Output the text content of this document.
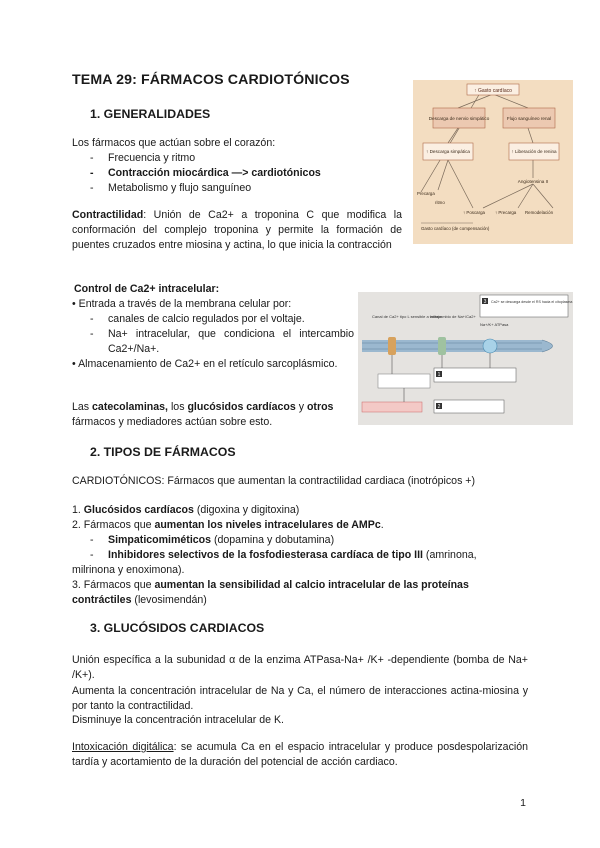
TEMA 29: FÁRMACOS CARDIOTÓNICOS
1. GENERALIDADES
Los fármacos que actúan sobre el corazón:
- Frecuencia y ritmo
- Contracción miocárdica —> cardiotónicos
- Metabolismo y flujo sanguíneo
Contractilidad: Unión de Ca2+ a troponina C que modifica la conformación del complejo troponina y permite la formación de puentes cruzados entre miosina y actina, lo que inicia la contracción
Control de Ca2+ intracelular:
• Entrada a través de la membrana celular por:
- canales de calcio regulados por el voltaje.
- Na+ intracelular, que condiciona el intercambio Ca2+/Na+.
• Almacenamiento de Ca2+ en el retículo sarcoplásmico.
Las catecolaminas, los glucósidos cardíacos y otros fármacos y mediadores actúan sobre esto.
↑ Gasto cardíaco
Descarga de nervio simpático	Flujo sanguíneo renal
↑ Descarga simpática	↑ Liberación de renina
Angiotensina II
Precarga
ritmo
↑ Poscarga ↑ Precarga Remodelación
Gasto cardíaco (de compensación)
3 Ca2+ se descarga desde el RS hacia el citoplasma
Canal de Ca2+ tipo L sensible a voltaje
Intercambio de Na+/Ca2+
Na+/K+ ATPasa
1
2
2. TIPOS DE FÁRMACOS
CARDIOTÓNICOS: Fármacos que aumentan la contractilidad cardiaca (inotrópicos +)
1. Glucósidos cardíacos (digoxina y digitoxina)
2. Fármacos que aumentan los niveles intracelulares de AMPc.
- Simpaticomiméticos (dopamina y dobutamina)
- Inhibidores selectivos de la fosfodiesterasa cardíaca de tipo III (amrinona,
milrinona y enoximona).
3. Fármacos que aumentan la sensibilidad al calcio intracelular de las proteínas
contráctiles (levosimendán)
3. GLUCÓSIDOS CARDIACOS
Unión específica a la subunidad α de la enzima ATPasa-Na+ /K+ -dependiente (bomba de Na+ /K+).
Aumenta la concentración intracelular de Na y Ca, el número de interacciones actina-miosina y por tanto la contractilidad.
Disminuye la concentración intracelular de K.
Intoxicación digitálica: se acumula Ca en el espacio intracelular y produce posdespolarización tardía y acortamiento de la duración del potencial de acción cardiaco.
1
